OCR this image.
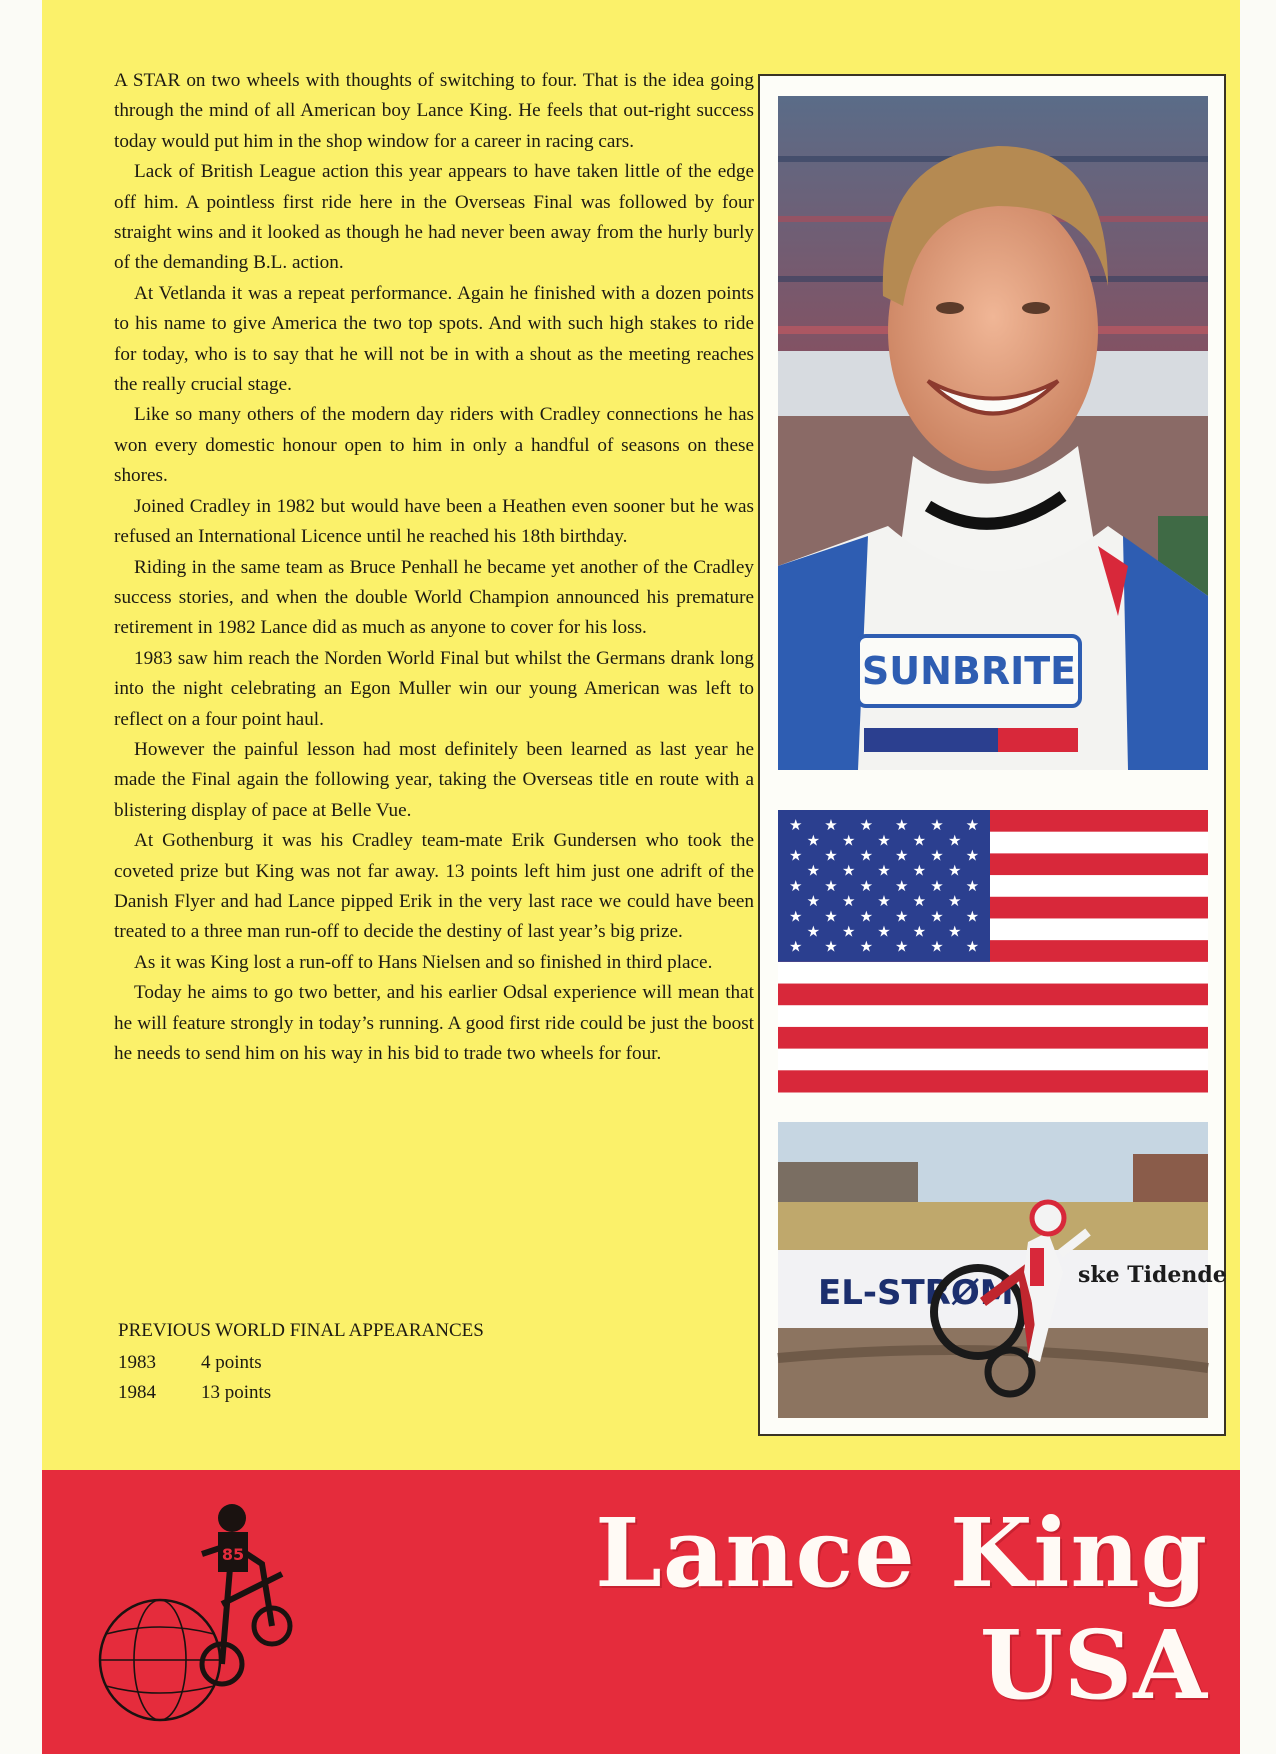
A STAR on two wheels with thoughts of switching to four. That is the idea going through the mind of all American boy Lance King. He feels that out-right success today would put him in the shop window for a career in racing cars.

Lack of British League action this year appears to have taken little of the edge off him. A pointless first ride here in the Overseas Final was followed by four straight wins and it looked as though he had never been away from the hurly burly of the demanding B.L. action.

At Vetlanda it was a repeat performance. Again he finished with a dozen points to his name to give America the two top spots. And with such high stakes to ride for today, who is to say that he will not be in with a shout as the meeting reaches the really crucial stage.

Like so many others of the modern day riders with Cradley connections he has won every domestic honour open to him in only a handful of seasons on these shores.

Joined Cradley in 1982 but would have been a Heathen even sooner but he was refused an International Licence until he reached his 18th birthday.

Riding in the same team as Bruce Penhall he became yet another of the Cradley success stories, and when the double World Champion announced his premature retirement in 1982 Lance did as much as anyone to cover for his loss.

1983 saw him reach the Norden World Final but whilst the Germans drank long into the night celebrating an Egon Muller win our young American was left to reflect on a four point haul.

However the painful lesson had most definitely been learned as last year he made the Final again the following year, taking the Overseas title en route with a blistering display of pace at Belle Vue.

At Gothenburg it was his Cradley team-mate Erik Gundersen who took the coveted prize but King was not far away. 13 points left him just one adrift of the Danish Flyer and had Lance pipped Erik in the very last race we could have been treated to a three man run-off to decide the destiny of last year’s big prize.

As it was King lost a run-off to Hans Nielsen and so finished in third place.

Today he aims to go two better, and his earlier Odsal experience will mean that he will feature strongly in today’s running. A good first ride could be just the boost he needs to send him on his way in his bid to trade two wheels for four.

PREVIOUS WORLD FINAL APPEARANCES
1983	4 points
1984	13 points
SUNBRITE
★ ★ ★ ★ ★ ★
★ ★ ★ ★ ★
★ ★ ★ ★ ★ ★
★ ★ ★ ★ ★
★ ★ ★ ★ ★ ★
★ ★ ★ ★ ★
★ ★ ★ ★ ★ ★
★ ★ ★ ★ ★
★ ★ ★ ★ ★ ★
EL-STRØM	ske Tidende
85	Lance King
USA
